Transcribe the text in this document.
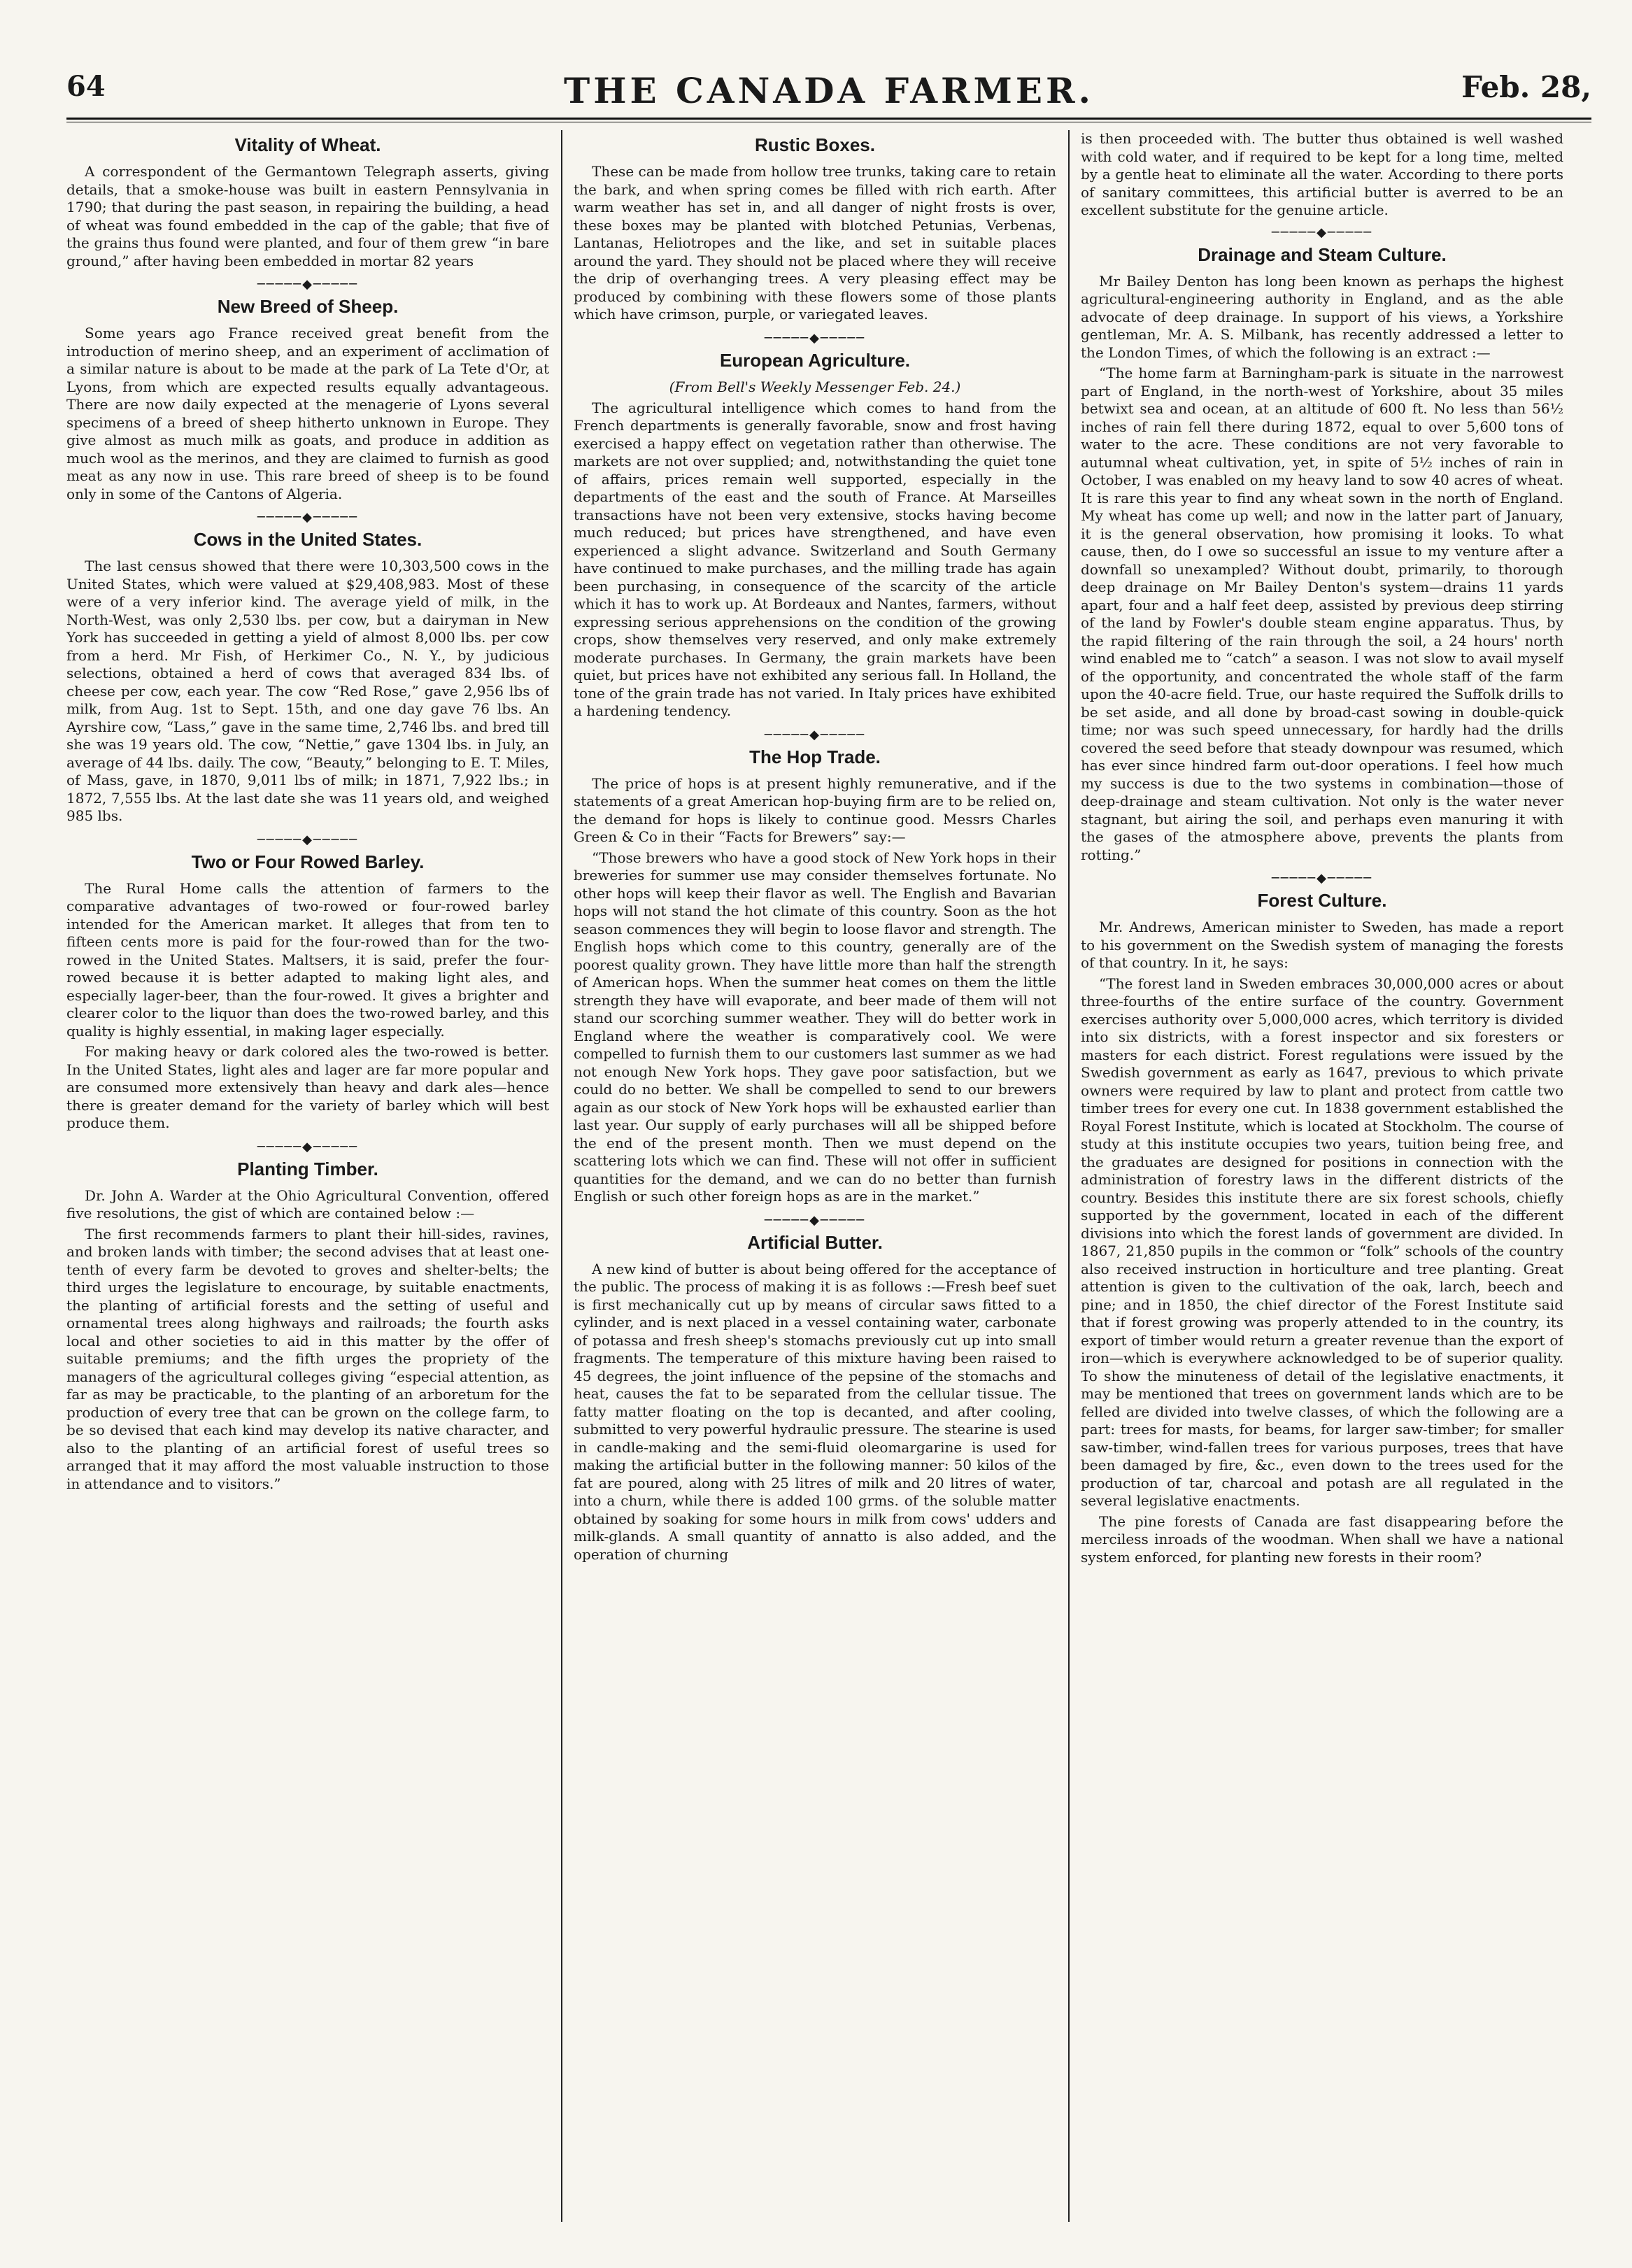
64	THE CANADA FARMER.	Feb. 28,
Vitality of Wheat.

A correspondent of the Germantown Telegraph asserts, giving details, that a smoke-house was built in eastern Pennsylvania in 1790; that during the past season, in repairing the building, a head of wheat was found embedded in the cap of the gable; that five of the grains thus found were planted, and four of them grew “in bare ground,” after having been embedded in mortar 82 years

─────◆─────
New Breed of Sheep.

Some years ago France received great benefit from the introduction of merino sheep, and an experiment of acclimation of a similar nature is about to be made at the park of La Tete d'Or, at Lyons, from which are expected results equally advantageous. There are now daily expected at the menagerie of Lyons several specimens of a breed of sheep hitherto unknown in Europe. They give almost as much milk as goats, and produce in addition as much wool as the merinos, and they are claimed to furnish as good meat as any now in use. This rare breed of sheep is to be found only in some of the Cantons of Algeria.

─────◆─────
Cows in the United States.

The last census showed that there were 10,303,500 cows in the United States, which were valued at $29,408,983. Most of these were of a very inferior kind. The average yield of milk, in the North-West, was only 2,530 lbs. per cow, but a dairyman in New York has succeeded in getting a yield of almost 8,000 lbs. per cow from a herd. Mr Fish, of Herkimer Co., N. Y., by judicious selections, obtained a herd of cows that averaged 834 lbs. of cheese per cow, each year. The cow “Red Rose,” gave 2,956 lbs of milk, from Aug. 1st to Sept. 15th, and one day gave 76 lbs. An Ayrshire cow, “Lass,” gave in the same time, 2,746 lbs. and bred till she was 19 years old. The cow, “Nettie,” gave 1304 lbs. in July, an average of 44 lbs. daily. The cow, “Beauty,” belonging to E. T. Miles, of Mass, gave, in 1870, 9,011 lbs of milk; in 1871, 7,922 lbs.; in 1872, 7,555 lbs. At the last date she was 11 years old, and weighed 985 lbs.

─────◆─────
Two or Four Rowed Barley.

The Rural Home calls the attention of farmers to the comparative advantages of two-rowed or four-rowed barley intended for the American market. It alleges that from ten to fifteen cents more is paid for the four-rowed than for the two-rowed in the United States. Maltsers, it is said, prefer the four-rowed because it is better adapted to making light ales, and especially lager-beer, than the four-rowed. It gives a brighter and clearer color to the liquor than does the two-rowed barley, and this quality is highly essential, in making lager especially.

For making heavy or dark colored ales the two-rowed is better. In the United States, light ales and lager are far more popular and are consumed more extensively than heavy and dark ales—hence there is greater demand for the variety of barley which will best produce them.

─────◆─────
Planting Timber.

Dr. John A. Warder at the Ohio Agricultural Convention, offered five resolutions, the gist of which are contained below :—

The first recommends farmers to plant their hill-sides, ravines, and broken lands with timber; the second advises that at least one-tenth of every farm be devoted to groves and shelter-belts; the third urges the legislature to encourage, by suitable enactments, the planting of artificial forests and the setting of useful and ornamental trees along highways and railroads; the fourth asks local and other societies to aid in this matter by the offer of suitable premiums; and the fifth urges the propriety of the managers of the agricultural colleges giving “especial attention, as far as may be practicable, to the planting of an arboretum for the production of every tree that can be grown on the college farm, to be so devised that each kind may develop its native character, and also to the planting of an artificial forest of useful trees so arranged that it may afford the most valuable instruction to those in attendance and to visitors.”

Rustic Boxes.

These can be made from hollow tree trunks, taking care to retain the bark, and when spring comes be filled with rich earth. After warm weather has set in, and all danger of night frosts is over, these boxes may be planted with blotched Petunias, Verbenas, Lantanas, Heliotropes and the like, and set in suitable places around the yard. They should not be placed where they will receive the drip of overhanging trees. A very pleasing effect may be produced by combining with these flowers some of those plants which have crimson, purple, or variegated leaves.

─────◆─────
European Agriculture.
(From Bell's Weekly Messenger Feb. 24.)

The agricultural intelligence which comes to hand from the French departments is generally favorable, snow and frost having exercised a happy effect on vegetation rather than otherwise. The markets are not over supplied; and, notwithstanding the quiet tone of affairs, prices remain well supported, especially in the departments of the east and the south of France. At Marseilles transactions have not been very extensive, stocks having become much reduced; but prices have strengthened, and have even experienced a slight advance. Switzerland and South Germany have continued to make purchases, and the milling trade has again been purchasing, in consequence of the scarcity of the article which it has to work up. At Bordeaux and Nantes, farmers, without expressing serious apprehensions on the condition of the growing crops, show themselves very reserved, and only make extremely moderate purchases. In Germany, the grain markets have been quiet, but prices have not exhibited any serious fall. In Holland, the tone of the grain trade has not varied. In Italy prices have exhibited a hardening tendency.

─────◆─────
The Hop Trade.

The price of hops is at present highly remunerative, and if the statements of a great American hop-buying firm are to be relied on, the demand for hops is likely to continue good. Messrs Charles Green & Co in their “Facts for Brewers” say:—

“Those brewers who have a good stock of New York hops in their breweries for summer use may consider themselves fortunate. No other hops will keep their flavor as well. The English and Bavarian hops will not stand the hot climate of this country. Soon as the hot season commences they will begin to loose flavor and strength. The English hops which come to this country, generally are of the poorest quality grown. They have little more than half the strength of American hops. When the summer heat comes on them the little strength they have will evaporate, and beer made of them will not stand our scorching summer weather. They will do better work in England where the weather is comparatively cool. We were compelled to furnish them to our customers last summer as we had not enough New York hops. They gave poor satisfaction, but we could do no better. We shall be compelled to send to our brewers again as our stock of New York hops will be exhausted earlier than last year. Our supply of early purchases will all be shipped before the end of the present month. Then we must depend on the scattering lots which we can find. These will not offer in sufficient quantities for the demand, and we can do no better than furnish English or such other foreign hops as are in the market.”

─────◆─────
Artificial Butter.

A new kind of butter is about being offered for the acceptance of the public. The process of making it is as follows :—Fresh beef suet is first mechanically cut up by means of circular saws fitted to a cylinder, and is next placed in a vessel containing water, carbonate of potassa and fresh sheep's stomachs previously cut up into small fragments. The temperature of this mixture having been raised to 45 degrees, the joint influence of the pepsine of the stomachs and heat, causes the fat to be separated from the cellular tissue. The fatty matter floating on the top is decanted, and after cooling, submitted to very powerful hydraulic pressure. The stearine is used in candle-making and the semi-fluid oleomargarine is used for making the artificial butter in the following manner: 50 kilos of the fat are poured, along with 25 litres of milk and 20 litres of water, into a churn, while there is added 100 grms. of the soluble matter obtained by soaking for some hours in milk from cows' udders and milk-glands. A small quantity of annatto is also added, and the operation of churning

is then proceeded with. The butter thus obtained is well washed with cold water, and if required to be kept for a long time, melted by a gentle heat to eliminate all the water. According to there ports of sanitary committees, this artificial butter is averred to be an excellent substitute for the genuine article.

─────◆─────
Drainage and Steam Culture.

Mr Bailey Denton has long been known as perhaps the highest agricultural-engineering authority in England, and as the able advocate of deep drainage. In support of his views, a Yorkshire gentleman, Mr. A. S. Milbank, has recently addressed a letter to the London Times, of which the following is an extract :—

“The home farm at Barningham-park is situate in the narrowest part of England, in the north-west of Yorkshire, about 35 miles betwixt sea and ocean, at an altitude of 600 ft. No less than 56½ inches of rain fell there during 1872, equal to over 5,600 tons of water to the acre. These conditions are not very favorable to autumnal wheat cultivation, yet, in spite of 5½ inches of rain in October, I was enabled on my heavy land to sow 40 acres of wheat. It is rare this year to find any wheat sown in the north of England. My wheat has come up well; and now in the latter part of January, it is the general observation, how promising it looks. To what cause, then, do I owe so successful an issue to my venture after a downfall so unexampled? Without doubt, primarily, to thorough deep drainage on Mr Bailey Denton's system—drains 11 yards apart, four and a half feet deep, assisted by previous deep stirring of the land by Fowler's double steam engine apparatus. Thus, by the rapid filtering of the rain through the soil, a 24 hours' north wind enabled me to “catch” a season. I was not slow to avail myself of the opportunity, and concentrated the whole staff of the farm upon the 40-acre field. True, our haste required the Suffolk drills to be set aside, and all done by broad-cast sowing in double-quick time; nor was such speed unnecessary, for hardly had the drills covered the seed before that steady downpour was resumed, which has ever since hindred farm out-door operations. I feel how much my success is due to the two systems in combination—those of deep-drainage and steam cultivation. Not only is the water never stagnant, but airing the soil, and perhaps even manuring it with the gases of the atmosphere above, prevents the plants from rotting.”

─────◆─────
Forest Culture.

Mr. Andrews, American minister to Sweden, has made a report to his government on the Swedish system of managing the forests of that country. In it, he says:

“The forest land in Sweden embraces 30,000,000 acres or about three-fourths of the entire surface of the country. Government exercises authority over 5,000,000 acres, which territory is divided into six districts, with a forest inspector and six foresters or masters for each district. Forest regulations were issued by the Swedish government as early as 1647, previous to which private owners were required by law to plant and protect from cattle two timber trees for every one cut. In 1838 government established the Royal Forest Institute, which is located at Stockholm. The course of study at this institute occupies two years, tuition being free, and the graduates are designed for positions in connection with the administration of forestry laws in the different districts of the country. Besides this institute there are six forest schools, chiefly supported by the government, located in each of the different divisions into which the forest lands of government are divided. In 1867, 21,850 pupils in the common or “folk” schools of the country also received instruction in horticulture and tree planting. Great attention is given to the cultivation of the oak, larch, beech and pine; and in 1850, the chief director of the Forest Institute said that if forest growing was properly attended to in the country, its export of timber would return a greater revenue than the export of iron—which is everywhere acknowledged to be of superior quality. To show the minuteness of detail of the legislative enactments, it may be mentioned that trees on government lands which are to be felled are divided into twelve classes, of which the following are a part: trees for masts, for beams, for larger saw-timber; for smaller saw-timber, wind-fallen trees for various purposes, trees that have been damaged by fire, &c., even down to the trees used for the production of tar, charcoal and potash are all regulated in the several legislative enactments.

The pine forests of Canada are fast disappearing before the merciless inroads of the woodman. When shall we have a national system enforced, for planting new forests in their room?
